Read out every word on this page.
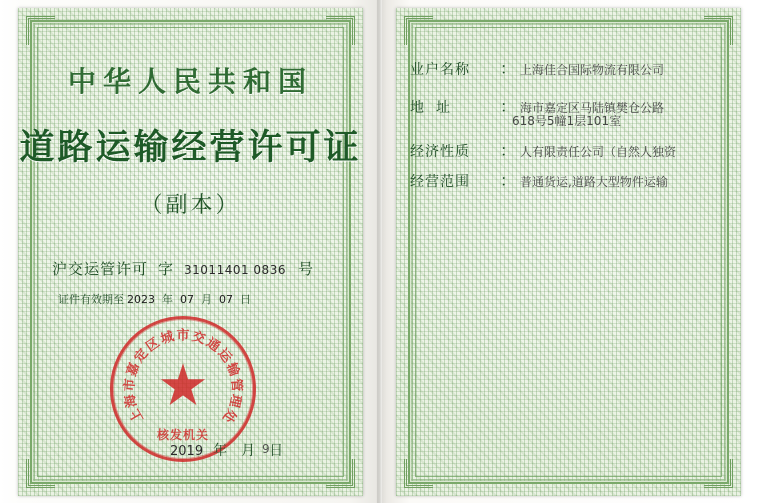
中华人民共和国
道路运输经营许可证
（副本）
沪交运管许可 字 31011401 0836 号
证件有效期至 2023 年 07 月 07 日
上
海
市
嘉
定
区
城 市 交
通
运
输
管
理
处
核发机关
2019 年 月 日
9
业户名称	： 上海佳合国际物流有限公司
地址	： 海市嘉定区马陆镇樊仓公路
618号5幢1层101室
经济性质	： 人有限责任公司（自然人独资
经营范围	： 普通货运,道路大型物件运输
